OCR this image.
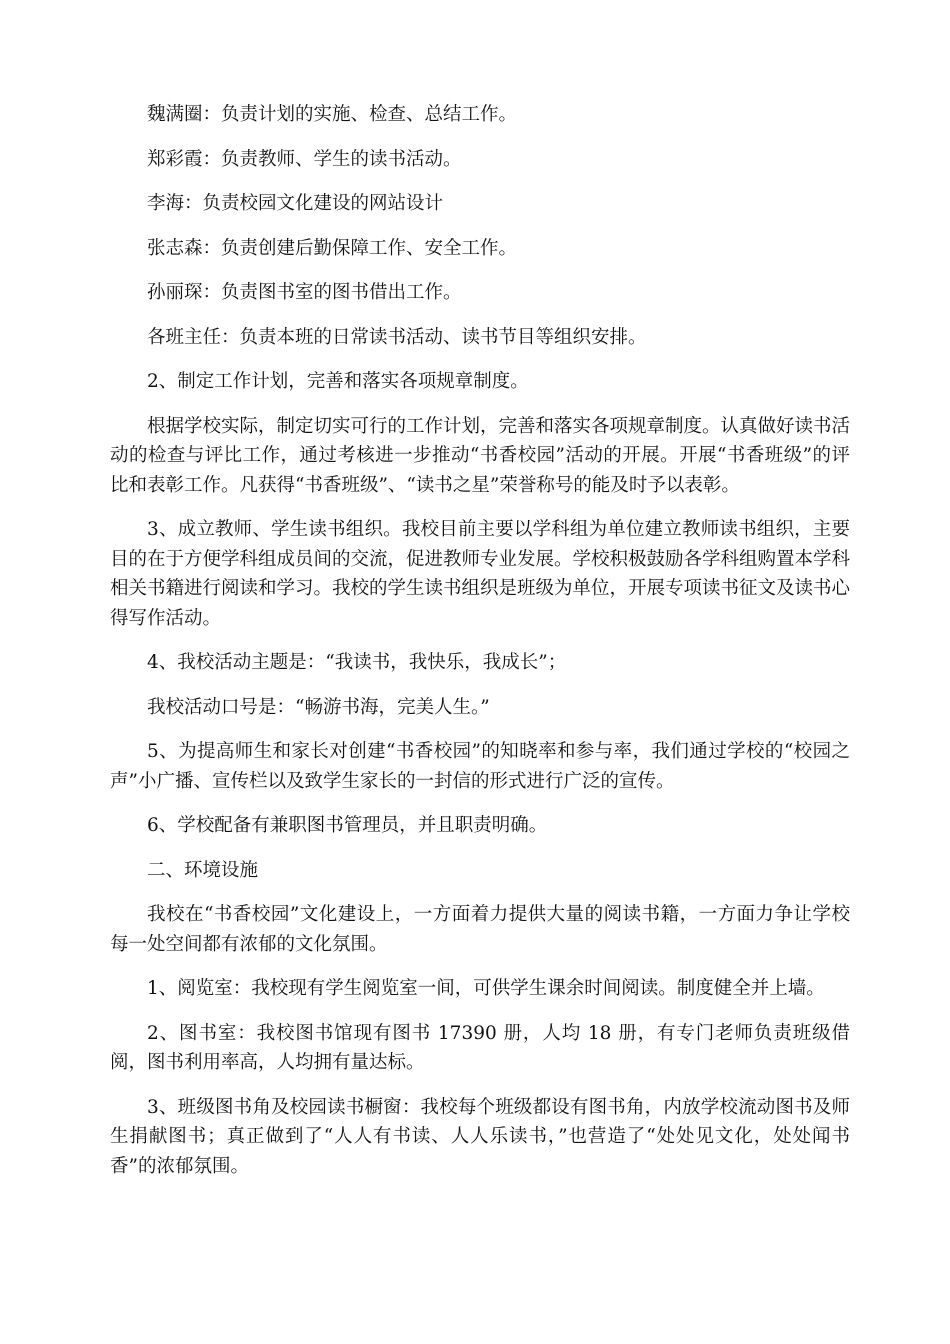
魏满圈：负责计划的实施、检查、总结工作。

郑彩霞：负责教师、学生的读书活动。

李海：负责校园文化建设的网站设计

张志森：负责创建后勤保障工作、安全工作。

孙丽琛：负责图书室的图书借出工作。

各班主任：负责本班的日常读书活动、读书节目等组织安排。

2、制定工作计划，完善和落实各项规章制度。

根据学校实际，制定切实可行的工作计划，完善和落实各项规章制度。认真做好读书活动的检查与评比工作，通过考核进一步推动“书香校园”活动的开展。开展“书香班级”的评比和表彰工作。凡获得“书香班级”、“读书之星”荣誉称号的能及时予以表彰。

3、成立教师、学生读书组织。我校目前主要以学科组为单位建立教师读书组织，主要目的在于方便学科组成员间的交流，促进教师专业发展。学校积极鼓励各学科组购置本学科相关书籍进行阅读和学习。我校的学生读书组织是班级为单位，开展专项读书征文及读书心得写作活动。

4、我校活动主题是：“我读书，我快乐，我成长”；

我校活动口号是：“畅游书海，完美人生。”

5、为提高师生和家长对创建“书香校园”的知晓率和参与率，我们通过学校的“校园之声”小广播、宣传栏以及致学生家长的一封信的形式进行广泛的宣传。

6、学校配备有兼职图书管理员，并且职责明确。

二、环境设施

我校在“书香校园”文化建设上，一方面着力提供大量的阅读书籍，一方面力争让学校每一处空间都有浓郁的文化氛围。

1、阅览室：我校现有学生阅览室一间，可供学生课余时间阅读。制度健全并上墙。

2、图书室：我校图书馆现有图书 17390 册，人均 18 册，有专门老师负责班级借阅，图书利用率高，人均拥有量达标。

3、班级图书角及校园读书橱窗：我校每个班级都设有图书角，内放学校流动图书及师生捐献图书；真正做到了“人人有书读、人人乐读书，”也营造了“处处见文化，处处闻书香”的浓郁氛围。
